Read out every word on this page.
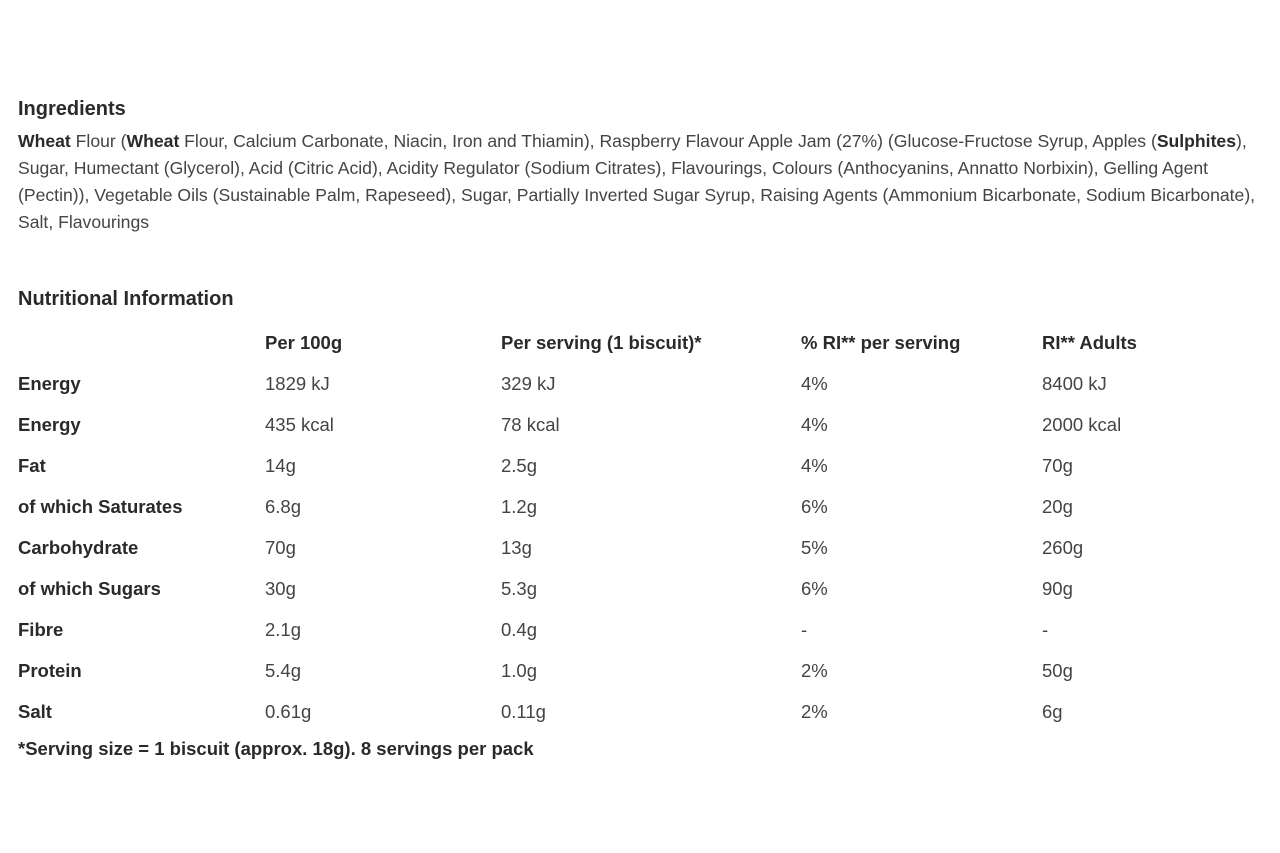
Ingredients

Wheat Flour (Wheat Flour, Calcium Carbonate, Niacin, Iron and Thiamin), Raspberry Flavour Apple Jam (27%) (Glucose-Fructose Syrup, Apples (Sulphites), Sugar, Humectant (Glycerol), Acid (Citric Acid), Acidity Regulator (Sodium Citrates), Flavourings, Colours (Anthocyanins, Annatto Norbixin), Gelling Agent (Pectin)), Vegetable Oils (Sustainable Palm, Rapeseed), Sugar, Partially Inverted Sugar Syrup, Raising Agents (Ammonium Bicarbonate, Sodium Bicarbonate), Salt, Flavourings

Nutritional Information
	Per 100g	Per serving (1 biscuit)*	% RI** per serving	RI** Adults
Energy	1829 kJ	329 kJ	4%	8400 kJ
Energy	435 kcal	78 kcal	4%	2000 kcal
Fat	14g	2.5g	4%	70g
of which Saturates	6.8g	1.2g	6%	20g
Carbohydrate	70g	13g	5%	260g
of which Sugars	30g	5.3g	6%	90g
Fibre	2.1g	0.4g	-	-
Protein	5.4g	1.0g	2%	50g
Salt	0.61g	0.11g	2%	6g

*Serving size = 1 biscuit (approx. 18g). 8 servings per pack
